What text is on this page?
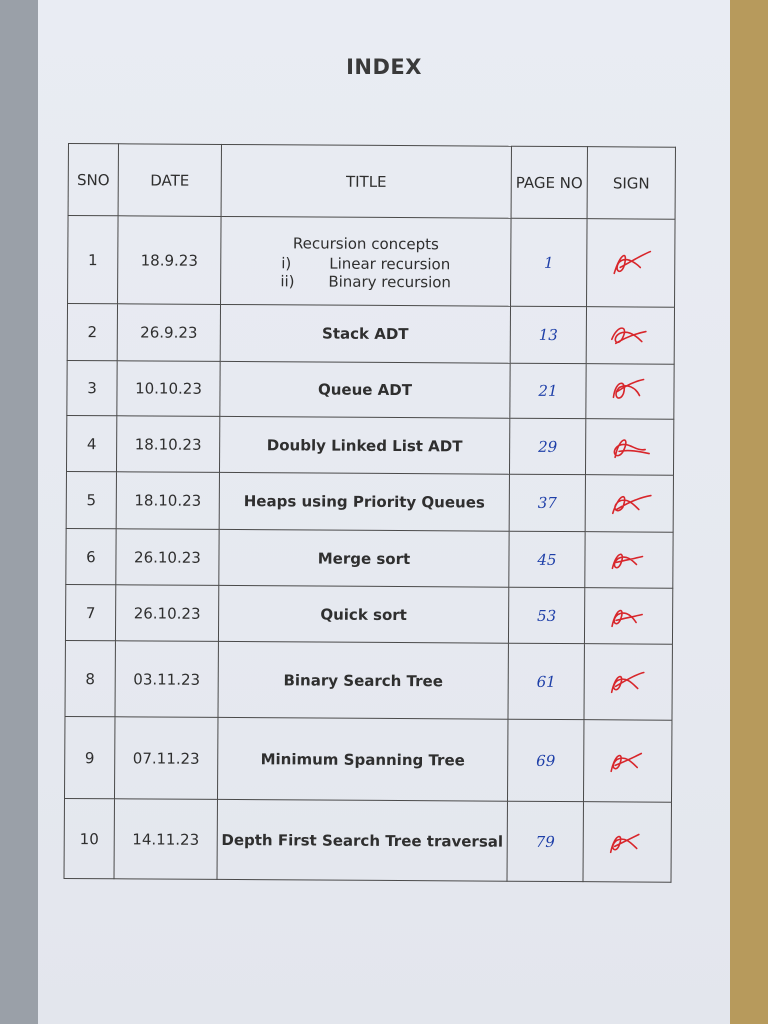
INDEX
SNO	DATE	TITLE	PAGE NO	SIGN
1	18.9.23	Recursion concepts
i) Linear recursion
ii) Binary recursion	1	

2	26.9.23	Stack ADT	13	

3	10.10.23	Queue ADT	21	

4	18.10.23	Doubly Linked List ADT	29	

5	18.10.23	Heaps using Priority Queues	37	

6	26.10.23	Merge sort	45	

7	26.10.23	Quick sort	53	

8	03.11.23	Binary Search Tree	61	

9	07.11.23	Minimum Spanning Tree	69	

10	14.11.23	Depth First Search Tree traversal	79	
